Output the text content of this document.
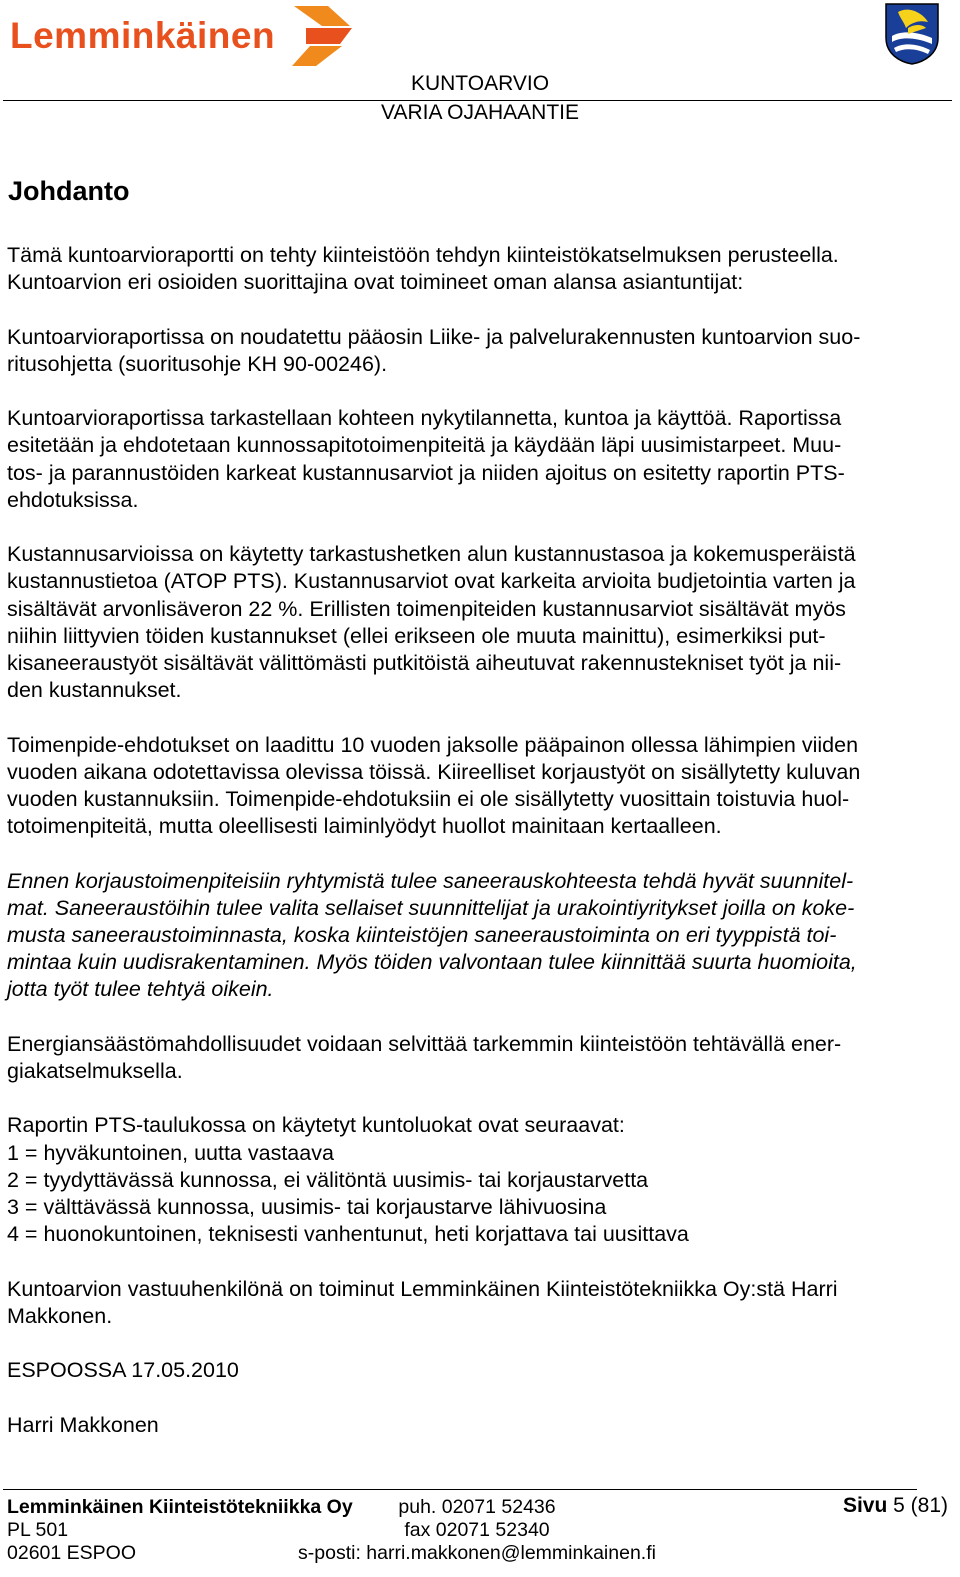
Lemminkäinen
KUNTOARVIO
VARIA OJAHAANTIE
Johdanto

Tämä kuntoarvioraportti on tehty kiinteistöön tehdyn kiinteistökatselmuksen perusteella.
Kuntoarvion eri osioiden suorittajina ovat toimineet oman alansa asiantuntijat:

Kuntoarvioraportissa on noudatettu pääosin Liike- ja palvelurakennusten kuntoarvion suo-
ritusohjetta (suoritusohje KH 90-00246).

Kuntoarvioraportissa tarkastellaan kohteen nykytilannetta, kuntoa ja käyttöä. Raportissa
esitetään ja ehdotetaan kunnossapitotoimenpiteitä ja käydään läpi uusimistarpeet. Muu-
tos- ja parannustöiden karkeat kustannusarviot ja niiden ajoitus on esitetty raportin PTS-
ehdotuksissa.

Kustannusarvioissa on käytetty tarkastushetken alun kustannustasoa ja kokemusperäistä
kustannustietoa (ATOP PTS). Kustannusarviot ovat karkeita arvioita budjetointia varten ja
sisältävät arvonlisäveron 22 %. Erillisten toimenpiteiden kustannusarviot sisältävät myös
niihin liittyvien töiden kustannukset (ellei erikseen ole muuta mainittu), esimerkiksi put-
kisaneeraustyöt sisältävät välittömästi putkitöistä aiheutuvat rakennustekniset työt ja nii-
den kustannukset.

Toimenpide-ehdotukset on laadittu 10 vuoden jaksolle pääpainon ollessa lähimpien viiden
vuoden aikana odotettavissa olevissa töissä. Kiireelliset korjaustyöt on sisällytetty kuluvan
vuoden kustannuksiin. Toimenpide-ehdotuksiin ei ole sisällytetty vuosittain toistuvia huol-
totoimenpiteitä, mutta oleellisesti laiminlyödyt huollot mainitaan kertaalleen.

Ennen korjaustoimenpiteisiin ryhtymistä tulee saneerauskohteesta tehdä hyvät suunnitel-
mat. Saneeraustöihin tulee valita sellaiset suunnittelijat ja urakointiyritykset joilla on koke-
musta saneeraustoiminnasta, koska kiinteistöjen saneeraustoiminta on eri tyyppistä toi-
mintaa kuin uudisrakentaminen. Myös töiden valvontaan tulee kiinnittää suurta huomioita,
jotta työt tulee tehtyä oikein.

Energiansäästömahdollisuudet voidaan selvittää tarkemmin kiinteistöön tehtävällä ener-
giakatselmuksella.

Raportin PTS-taulukossa on käytetyt kuntoluokat ovat seuraavat:
1 = hyväkuntoinen, uutta vastaava
2 = tyydyttävässä kunnossa, ei välitöntä uusimis- tai korjaustarvetta
3 = välttävässä kunnossa, uusimis- tai korjaustarve lähivuosina
4 = huonokuntoinen, teknisesti vanhentunut, heti korjattava tai uusittava

Kuntoarvion vastuuhenkilönä on toiminut Lemminkäinen Kiinteistötekniikka Oy:stä Harri
Makkonen.

ESPOOSSA 17.05.2010

Harri Makkonen

Lemminkäinen Kiinteistötekniikka Oy
PL 501
02601 ESPOO
puh. 02071 52436
fax 02071 52340
s-posti: harri.makkonen@lemminkainen.fi
Sivu 5 (81)
